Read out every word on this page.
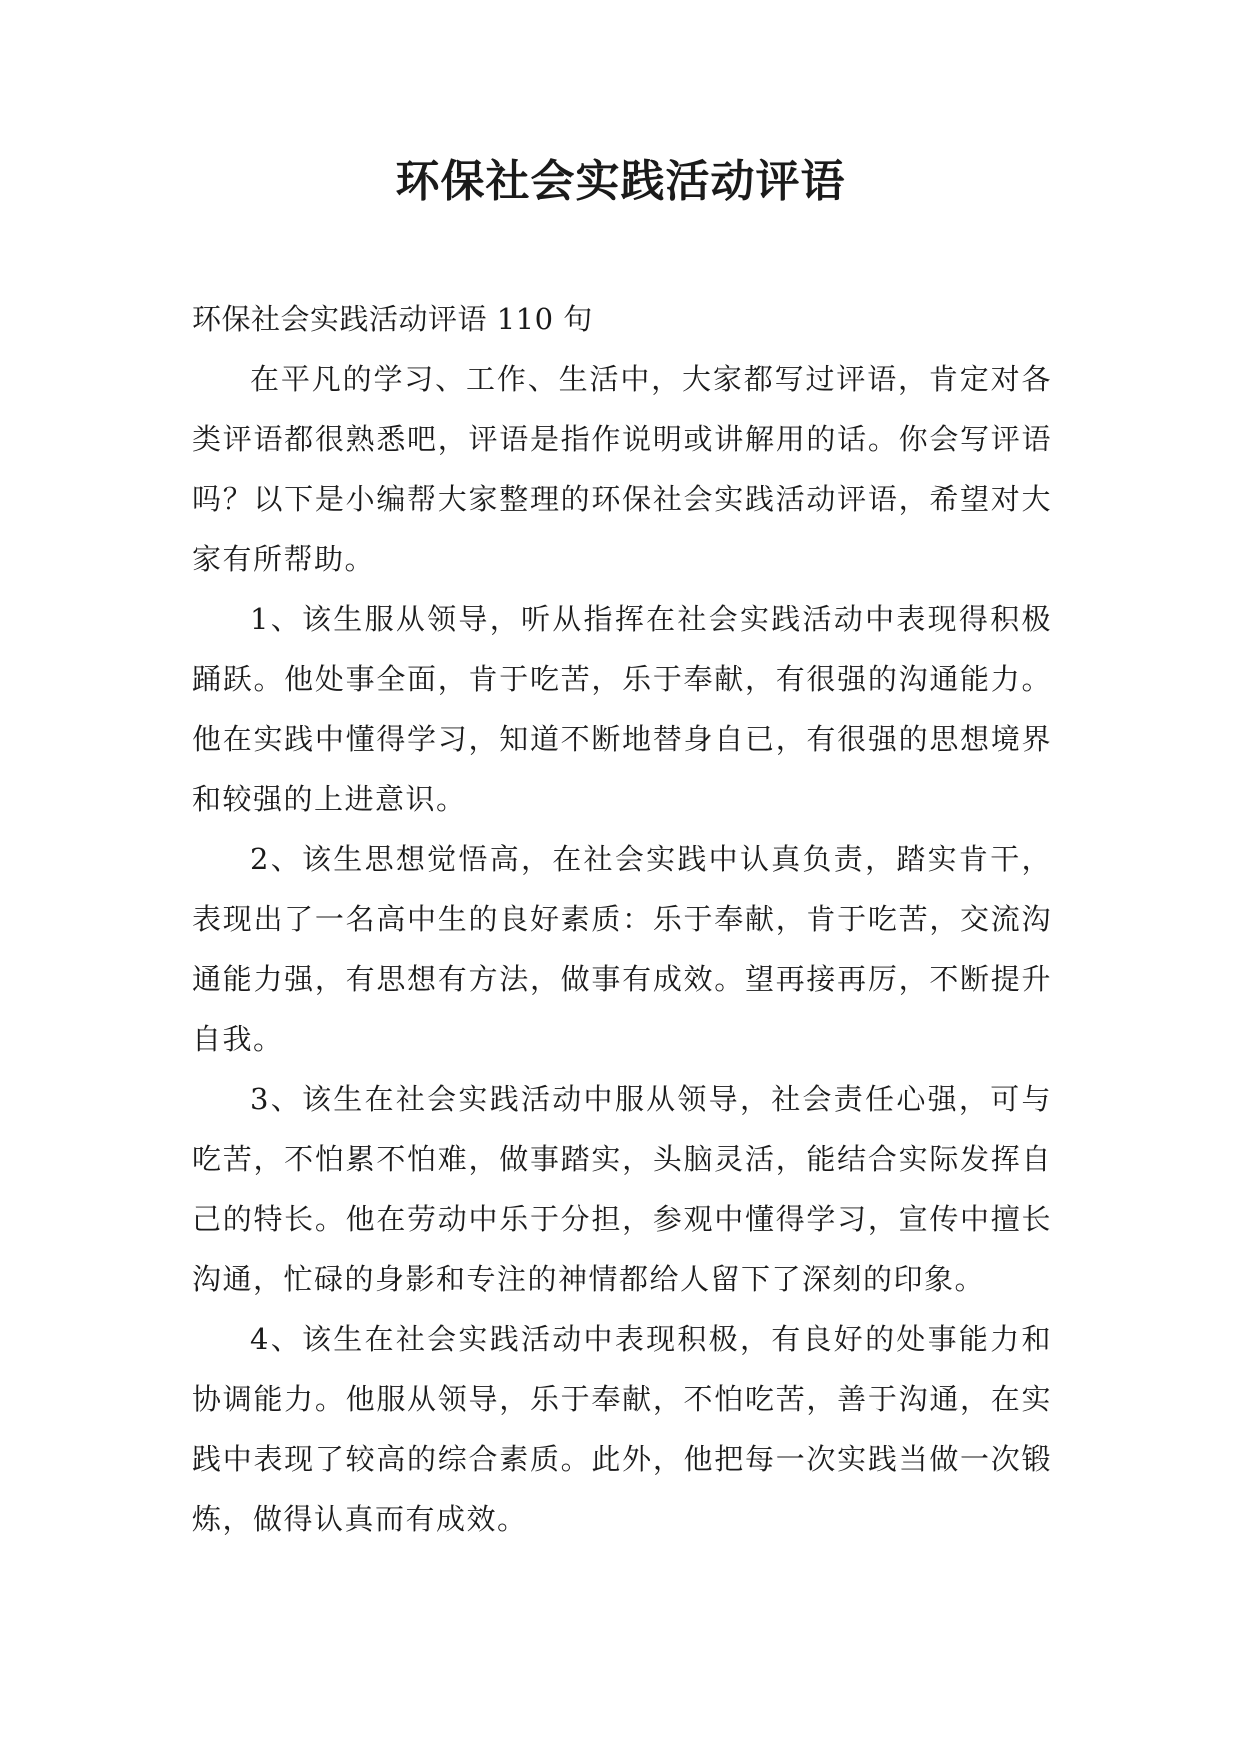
环保社会实践活动评语

环保社会实践活动评语 110 句

在平凡的学习、工作、生活中，大家都写过评语，肯定对各类评语都很熟悉吧，评语是指作说明或讲解用的话。你会写评语吗？以下是小编帮大家整理的环保社会实践活动评语，希望对大家有所帮助。

1、该生服从领导，听从指挥在社会实践活动中表现得积极踊跃。他处事全面，肯于吃苦，乐于奉献，有很强的沟通能力。他在实践中懂得学习，知道不断地替身自已，有很强的思想境界和较强的上进意识。

2、该生思想觉悟高，在社会实践中认真负责，踏实肯干，表现出了一名高中生的良好素质：乐于奉献，肯于吃苦，交流沟通能力强，有思想有方法，做事有成效。望再接再厉，不断提升自我。

3、该生在社会实践活动中服从领导，社会责任心强，可与吃苦，不怕累不怕难，做事踏实，头脑灵活，能结合实际发挥自己的特长。他在劳动中乐于分担，参观中懂得学习，宣传中擅长沟通，忙碌的身影和专注的神情都给人留下了深刻的印象。

4、该生在社会实践活动中表现积极，有良好的处事能力和协调能力。他服从领导，乐于奉献，不怕吃苦，善于沟通，在实践中表现了较高的综合素质。此外，他把每一次实践当做一次锻炼，做得认真而有成效。
